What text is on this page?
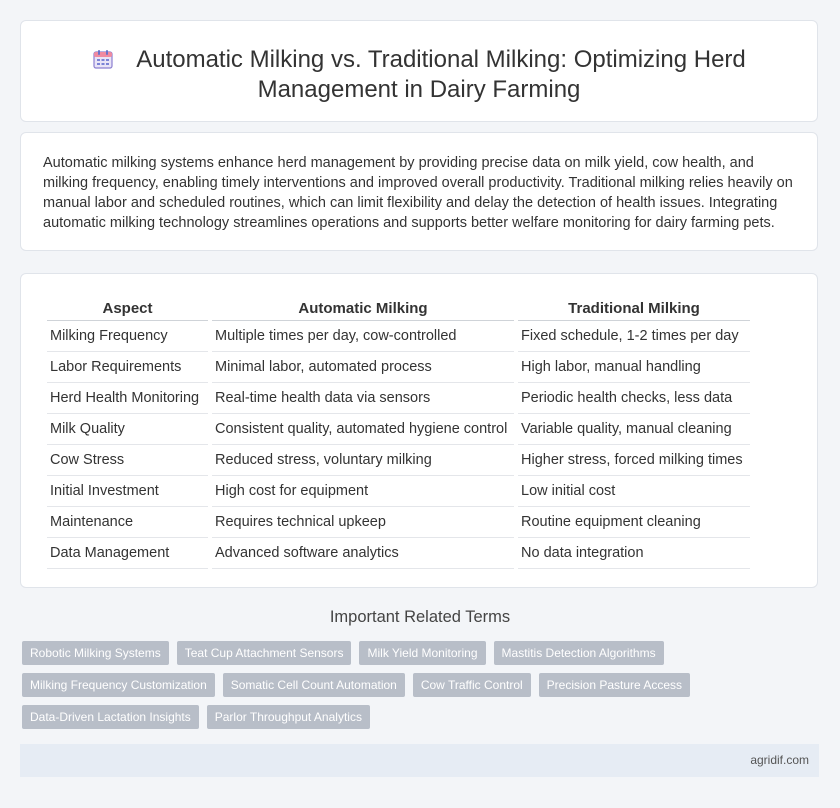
Automatic Milking vs. Traditional Milking: Optimizing Herd
Management in Dairy Farming

Automatic milking systems enhance herd management by providing precise data on milk yield, cow health, and milking frequency, enabling timely interventions and improved overall productivity. Traditional milking relies heavily on manual labor and scheduled routines, which can limit flexibility and delay the detection of health issues. Integrating automatic milking technology streamlines operations and supports better welfare monitoring for dairy farming pets.

Aspect	Automatic Milking	Traditional Milking
Milking Frequency	Multiple times per day, cow-controlled	Fixed schedule, 1-2 times per day
Labor Requirements	Minimal labor, automated process	High labor, manual handling
Herd Health Monitoring	Real-time health data via sensors	Periodic health checks, less data
Milk Quality	Consistent quality, automated hygiene control	Variable quality, manual cleaning
Cow Stress	Reduced stress, voluntary milking	Higher stress, forced milking times
Initial Investment	High cost for equipment	Low initial cost
Maintenance	Requires technical upkeep	Routine equipment cleaning
Data Management	Advanced software analytics	No data integration
Important Related Terms
Robotic Milking Systems	Teat Cup Attachment Sensors	Milk Yield Monitoring	Mastitis Detection Algorithms
Milking Frequency Customization	Somatic Cell Count Automation	Cow Traffic Control	Precision Pasture Access
Data-Driven Lactation Insights	Parlor Throughput Analytics
agridif.com
